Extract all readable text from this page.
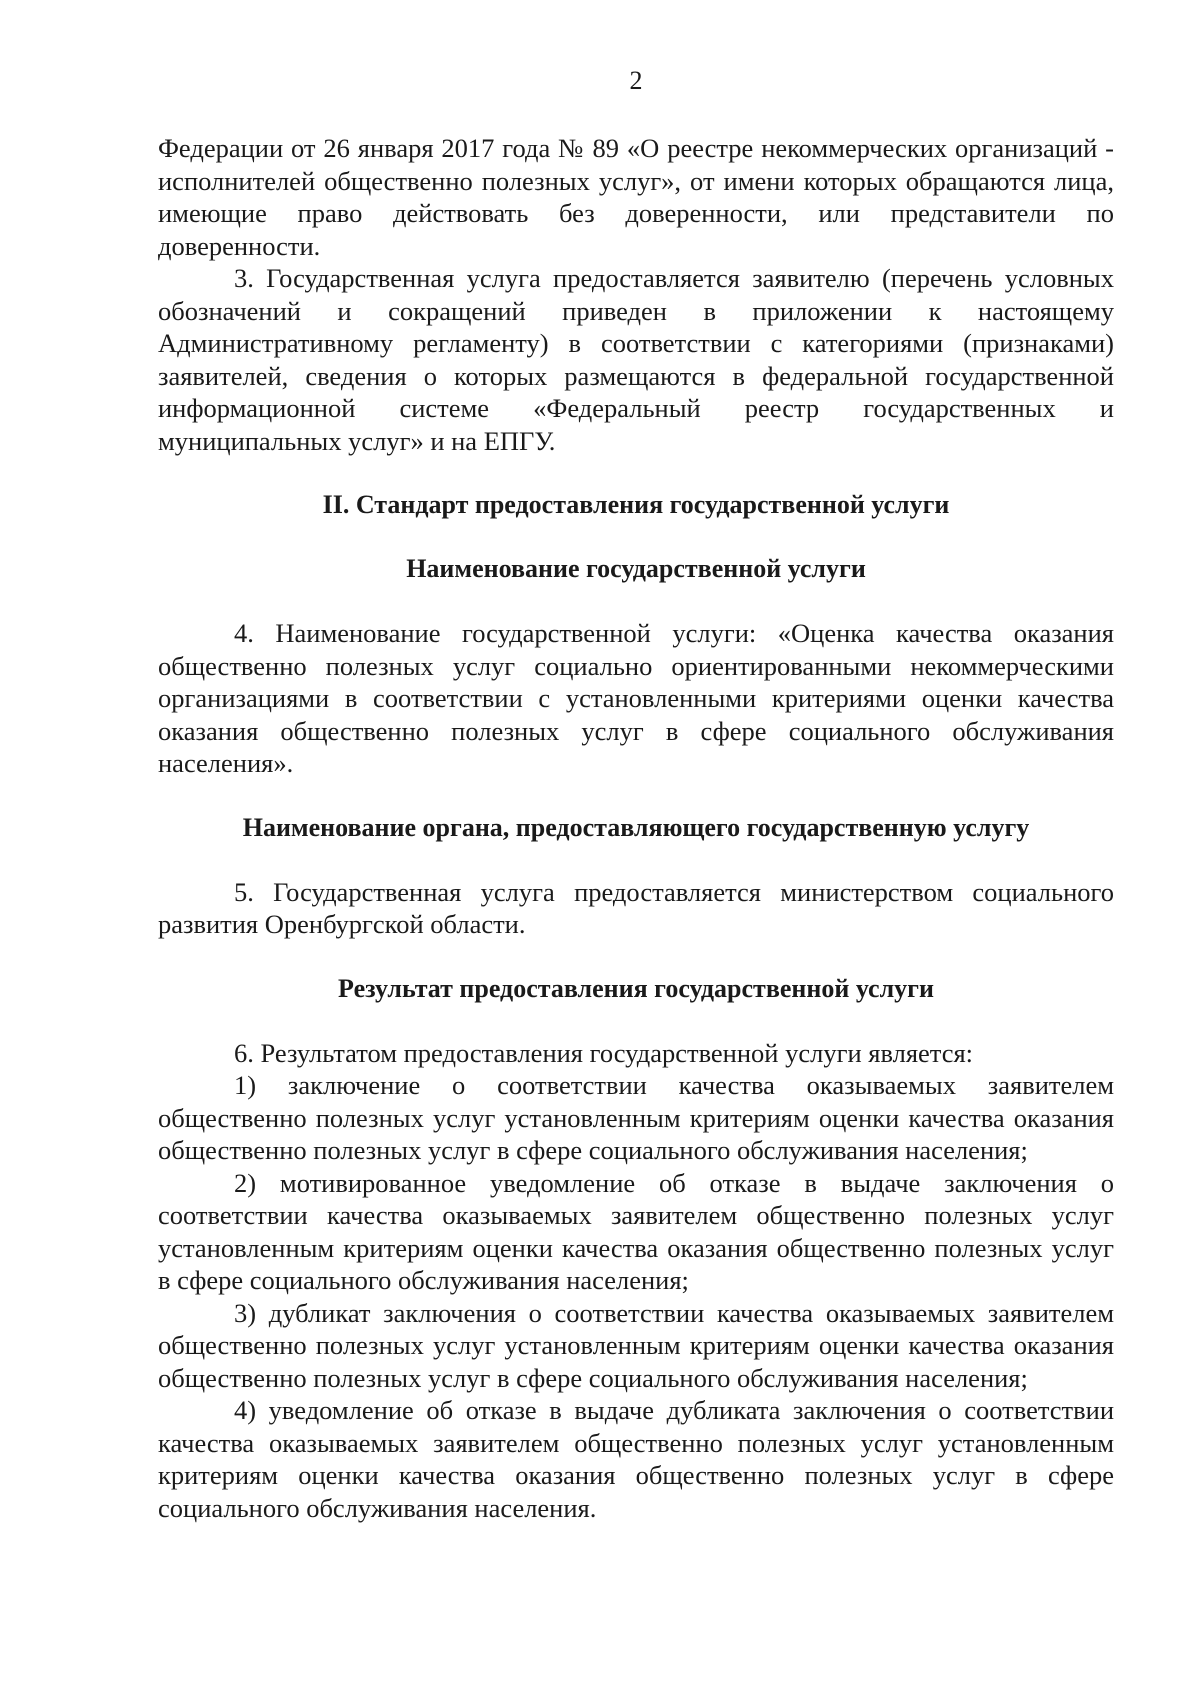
2

Федерации от 26 января 2017 года № 89 «О реестре некоммерческих организаций - исполнителей общественно полезных услуг», от имени которых обращаются лица, имеющие право действовать без доверенности, или представители по доверенности.

3. Государственная услуга предоставляется заявителю (перечень условных обозначений и сокращений приведен в приложении к настоящему Административному регламенту) в соответствии с категориями (признаками) заявителей, сведения о которых размещаются в федеральной государственной информационной системе «Федеральный реестр государственных и муниципальных услуг» и на ЕПГУ.

II. Стандарт предоставления государственной услуги
Наименование государственной услуги

4. Наименование государственной услуги: «Оценка качества оказания общественно полезных услуг социально ориентированными некоммерческими организациями в соответствии с установленными критериями оценки качества оказания общественно полезных услуг в сфере социального обслуживания населения».

Наименование органа, предоставляющего государственную услугу

5. Государственная услуга предоставляется министерством социального развития Оренбургской области.

Результат предоставления государственной услуги

6. Результатом предоставления государственной услуги является:

1) заключение о соответствии качества оказываемых заявителем общественно полезных услуг установленным критериям оценки качества оказания общественно полезных услуг в сфере социального обслуживания населения;

2) мотивированное уведомление об отказе в выдаче заключения о соответствии качества оказываемых заявителем общественно полезных услуг установленным критериям оценки качества оказания общественно полезных услуг в сфере социального обслуживания населения;

3) дубликат заключения о соответствии качества оказываемых заявителем общественно полезных услуг установленным критериям оценки качества оказания общественно полезных услуг в сфере социального обслуживания населения;

4) уведомление об отказе в выдаче дубликата заключения о соответствии качества оказываемых заявителем общественно полезных услуг установленным критериям оценки качества оказания общественно полезных услуг в сфере социального обслуживания населения.
